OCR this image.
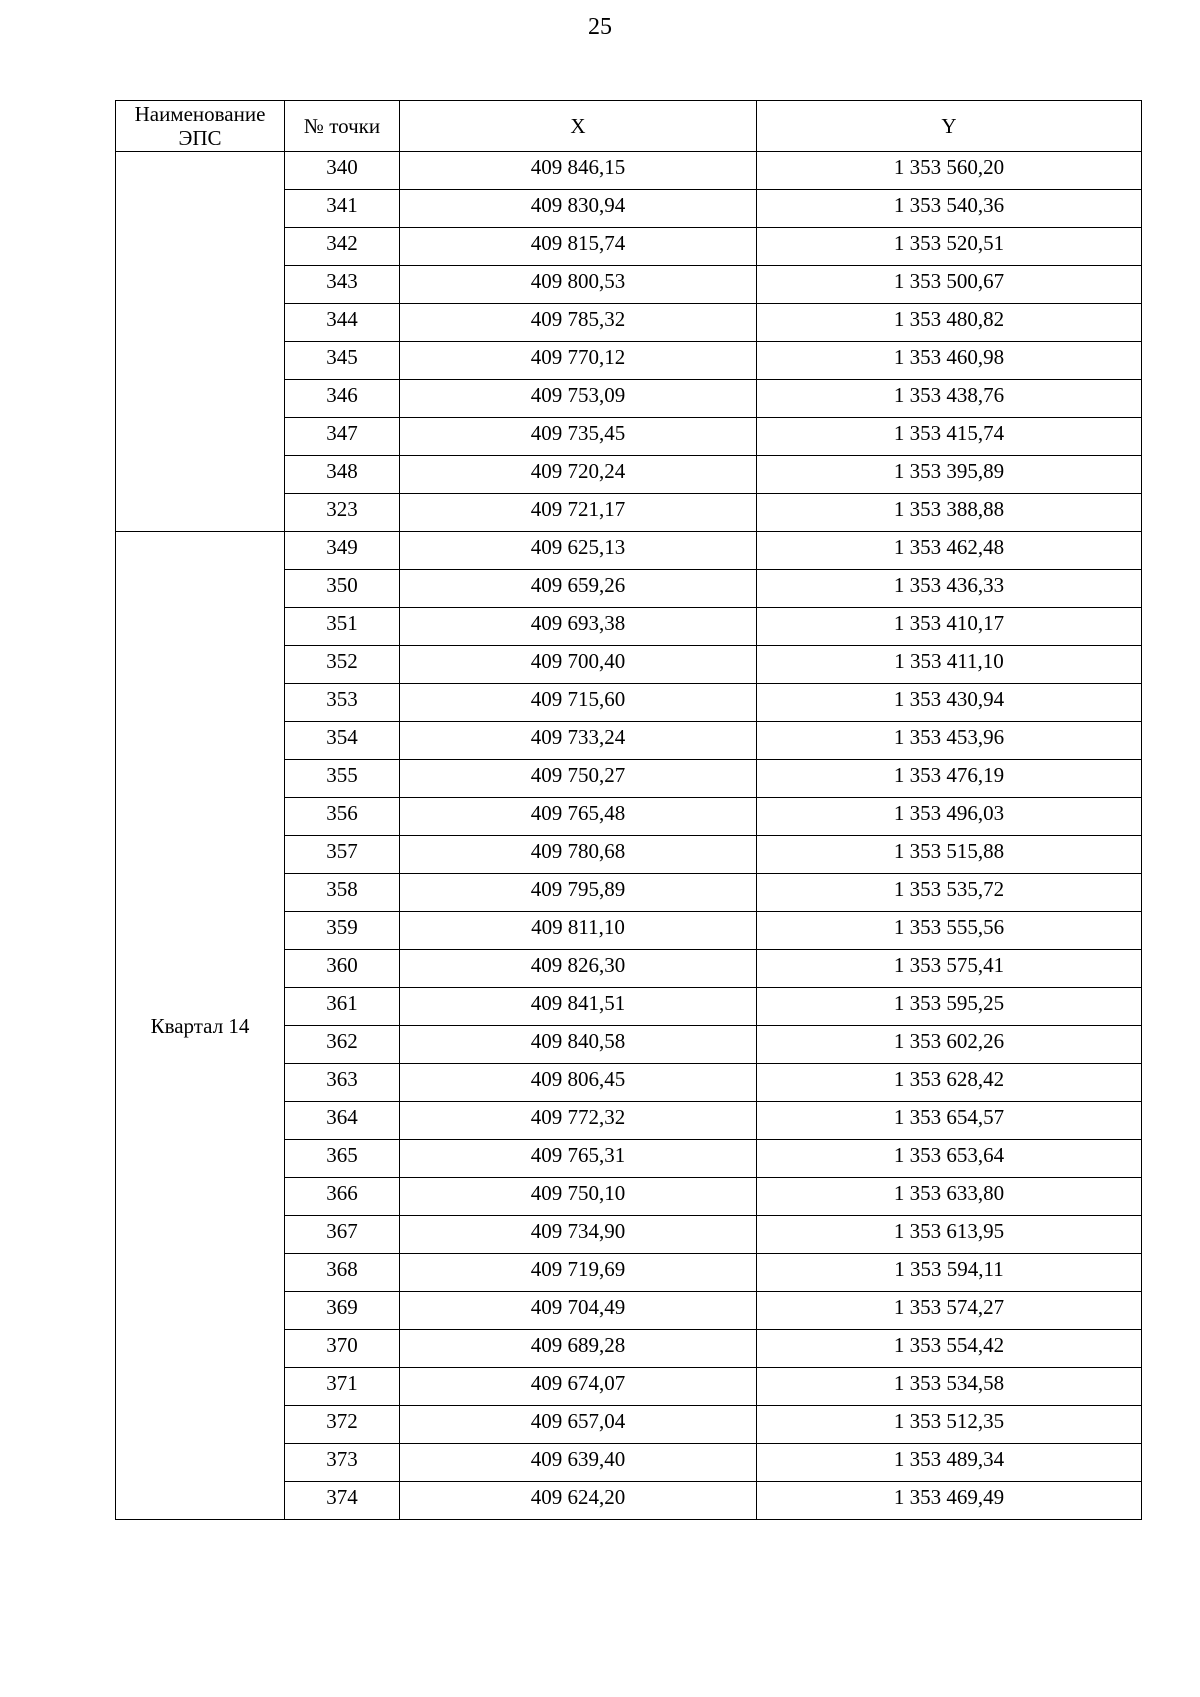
25
Наименование ЭПС	№ точки	X	Y
	340	409 846,15	1 353 560,20
	341	409 830,94	1 353 540,36
	342	409 815,74	1 353 520,51
	343	409 800,53	1 353 500,67
	344	409 785,32	1 353 480,82
	345	409 770,12	1 353 460,98
	346	409 753,09	1 353 438,76
	347	409 735,45	1 353 415,74
	348	409 720,24	1 353 395,89
	323	409 721,17	1 353 388,88
Квартал 14	349	409 625,13	1 353 462,48
	350	409 659,26	1 353 436,33
	351	409 693,38	1 353 410,17
	352	409 700,40	1 353 411,10
	353	409 715,60	1 353 430,94
	354	409 733,24	1 353 453,96
	355	409 750,27	1 353 476,19
	356	409 765,48	1 353 496,03
	357	409 780,68	1 353 515,88
	358	409 795,89	1 353 535,72
	359	409 811,10	1 353 555,56
	360	409 826,30	1 353 575,41
	361	409 841,51	1 353 595,25
	362	409 840,58	1 353 602,26
	363	409 806,45	1 353 628,42
	364	409 772,32	1 353 654,57
	365	409 765,31	1 353 653,64
	366	409 750,10	1 353 633,80
	367	409 734,90	1 353 613,95
	368	409 719,69	1 353 594,11
	369	409 704,49	1 353 574,27
	370	409 689,28	1 353 554,42
	371	409 674,07	1 353 534,58
	372	409 657,04	1 353 512,35
	373	409 639,40	1 353 489,34
	374	409 624,20	1 353 469,49
